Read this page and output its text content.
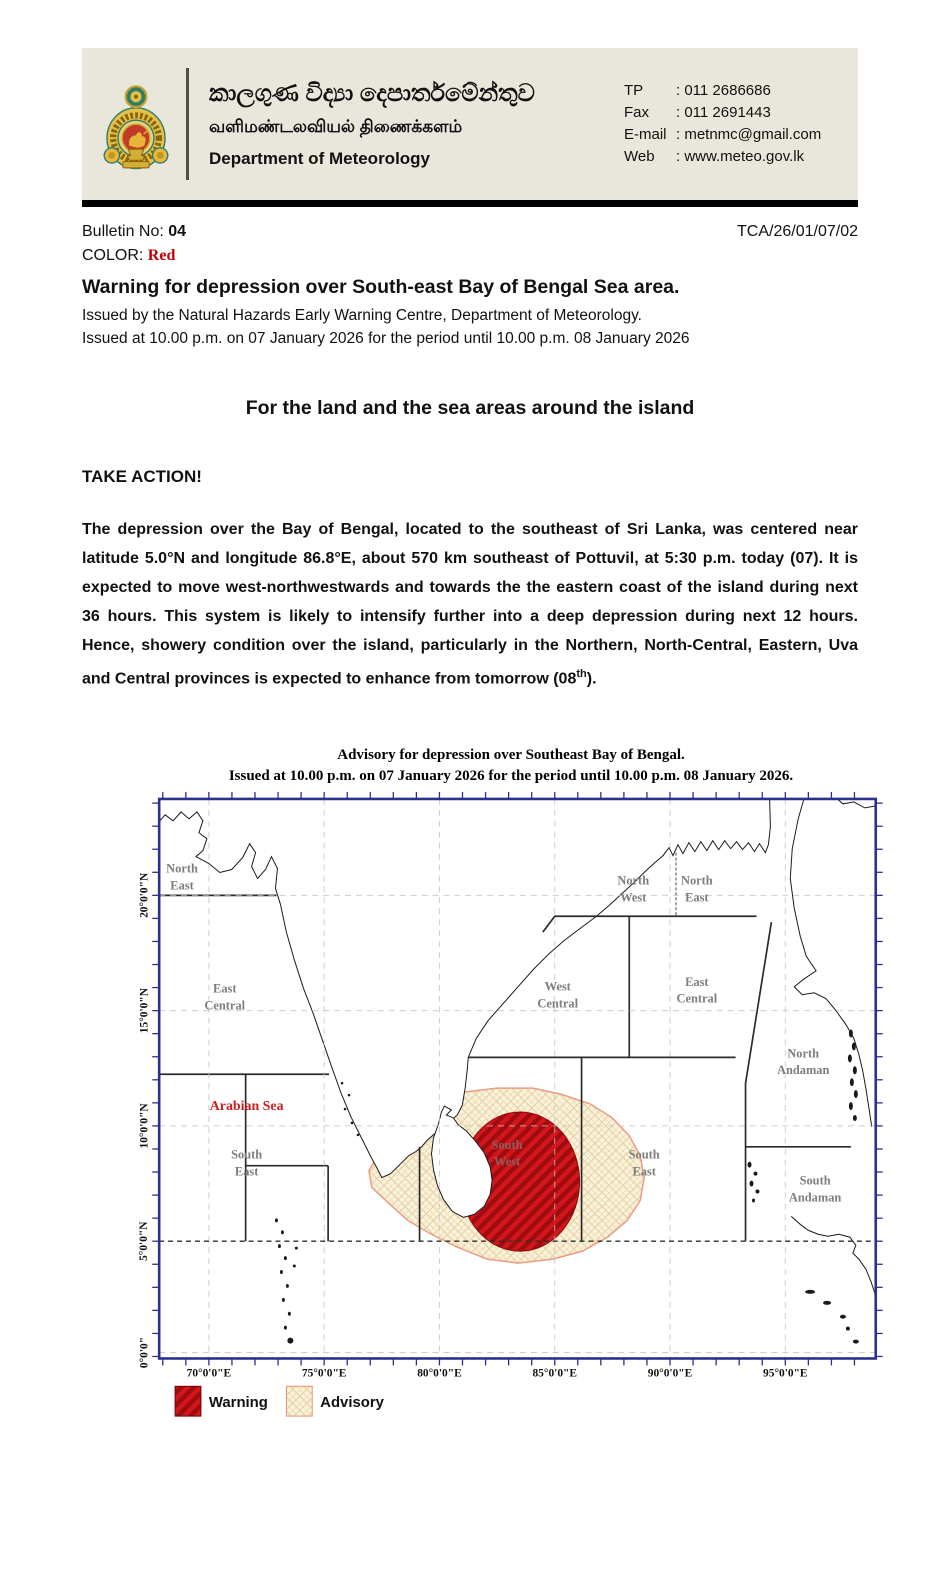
කාලගුණ විද්‍යා දෙපාර්තමේන්තුව
வளிமண்டலவியல் திணைக்களம்
Department of Meteorology
TP	: 011 2686686
Fax	: 011 2691443
E-mail : metnmc@gmail.com
Web	: www.meteo.gov.lk
Bulletin No: 04	TCA/26/01/07/02
COLOR: Red
Warning for depression over South-east Bay of Bengal Sea area.
Issued by the Natural Hazards Early Warning Centre, Department of Meteorology.
Issued at 10.00 p.m. on 07 January 2026 for the period until 10.00 p.m. 08 January 2026
For the land and the sea areas around the island
TAKE ACTION!

The depression over the Bay of Bengal, located to the southeast of Sri Lanka, was centered near latitude 5.0°N and longitude 86.8°E, about 570 km southeast of Pottuvil, at 5:30 p.m. today (07). It is expected to move west-northwestwards and towards the the eastern coast of the island during next 36 hours. This system is likely to intensify further into a deep depression during next 12 hours. Hence, showery condition over the island, particularly in the Northern, North-Central, Eastern, Uva and Central provinces is expected to enhance from tomorrow (08th).

Advisory for depression over Southeast Bay of Bengal.
Issued at 10.00 p.m. on 07 January 2026 for the period until 10.00 p.m. 08 January 2026.
20°0'0"N
15°0'0"N
10°0'0"N
5°0'0"N
0°0'0"
70°0'0"E	75°0'0"E	80°0'0"E	85°0'0"E	90°0'0"E	95°0'0"E
North East
East Central
Arabian Sea
South East
North West
North East
West Central
East Central
North Andaman
South East
South Andaman
South West
Warning	Advisory
